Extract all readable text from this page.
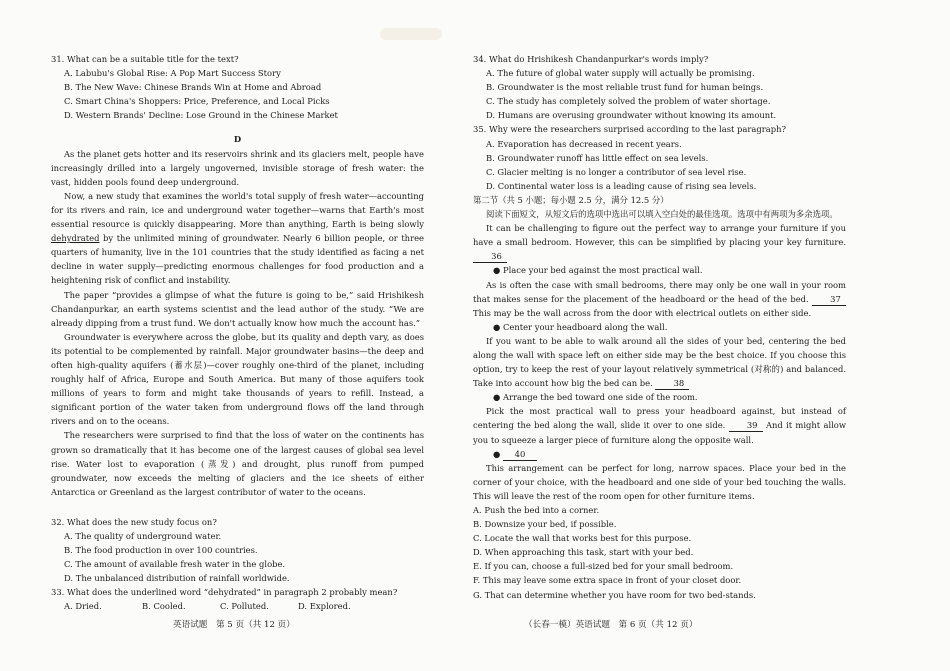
31. What can be a suitable title for the text?

A. Labubu's Global Rise: A Pop Mart Success Story

B. The New Wave: Chinese Brands Win at Home and Abroad

C. Smart China's Shoppers: Price, Preference, and Local Picks

D. Western Brands' Decline: Lose Ground in the Chinese Market

D

As the planet gets hotter and its reservoirs shrink and its glaciers melt, people have increasingly drilled into a largely ungoverned, invisible storage of fresh water: the vast, hidden pools found deep underground.

Now, a new study that examines the world's total supply of fresh water—accounting for its rivers and rain, ice and underground water together—warns that Earth's most essential resource is quickly disappearing. More than anything, Earth is being slowly dehydrated by the unlimited mining of groundwater. Nearly 6 billion people, or three quarters of humanity, live in the 101 countries that the study identified as facing a net decline in water supply—predicting enormous challenges for food production and a heightening risk of conflict and instability.

The paper “provides a glimpse of what the future is going to be,” said Hrishikesh Chandanpurkar, an earth systems scientist and the lead author of the study. “We are already dipping from a trust fund. We don't actually know how much the account has.”

Groundwater is everywhere across the globe, but its quality and depth vary, as does its potential to be complemented by rainfall. Major groundwater basins—the deep and often high-quality aquifers (蓄水层)—cover roughly one-third of the planet, including roughly half of Africa, Europe and South America. But many of those aquifers took millions of years to form and might take thousands of years to refill. Instead, a significant portion of the water taken from underground flows off the land through rivers and on to the oceans.

The researchers were surprised to find that the loss of water on the continents has grown so dramatically that it has become one of the largest causes of global sea level rise. Water lost to evaporation (蒸发) and drought, plus runoff from pumped groundwater, now exceeds the melting of glaciers and the ice sheets of either Antarctica or Greenland as the largest contributor of water to the oceans.

32. What does the new study focus on?

A. The quality of underground water.

B. The food production in over 100 countries.

C. The amount of available fresh water in the globe.

D. The unbalanced distribution of rainfall worldwide.

33. What does the underlined word “dehydrated” in paragraph 2 probably mean?

A. Dried.	B. Cooled.	C. Polluted.	D. Explored.
英语试题　第 5 页（共 12 页）

34. What do Hrishikesh Chandanpurkar's words imply?

A. The future of global water supply will actually be promising.

B. Groundwater is the most reliable trust fund for human beings.

C. The study has completely solved the problem of water shortage.

D. Humans are overusing groundwater without knowing its amount.

35. Why were the researchers surprised according to the last paragraph?

A. Evaporation has decreased in recent years.

B. Groundwater runoff has little effect on sea levels.

C. Glacier melting is no longer a contributor of sea level rise.

D. Continental water loss is a leading cause of rising sea levels.

第二节（共 5 小题；每小题 2.5 分，满分 12.5 分）

阅读下面短文，从短文后的选项中选出可以填入空白处的最佳选项。选项中有两项为多余选项。

It can be challenging to figure out the perfect way to arrange your furniture if you have a small bedroom. However, this can be simplified by placing your key furniture. 36

● Place your bed against the most practical wall.

As is often the case with small bedrooms, there may only be one wall in your room that makes sense for the placement of the headboard or the head of the bed.	37 This may be the wall across from the door with electrical outlets on either side.

● Center your headboard along the wall.

If you want to be able to walk around all the sides of your bed, centering the bed along the wall with space left on either side may be the best choice. If you choose this option, try to keep the rest of your layout relatively symmetrical (对称的) and balanced. Take into account how big the bed can be. 38

● Arrange the bed toward one side of the room.

Pick the most practical wall to press your headboard against, but instead of centering the bed along the wall, slide it over to one side.	39 And it might allow you to squeeze a larger piece of furniture along the opposite wall.

● 40

This arrangement can be perfect for long, narrow spaces. Place your bed in the corner of your choice, with the headboard and one side of your bed touching the walls. This will leave the rest of the room open for other furniture items.

A. Push the bed into a corner.

B. Downsize your bed, if possible.

C. Locate the wall that works best for this purpose.

D. When approaching this task, start with your bed.

E. If you can, choose a full-sized bed for your small bedroom.

F. This may leave some extra space in front of your closet door.

G. That can determine whether you have room for two bed-stands.

（长春一模）英语试题　第 6 页（共 12 页）
